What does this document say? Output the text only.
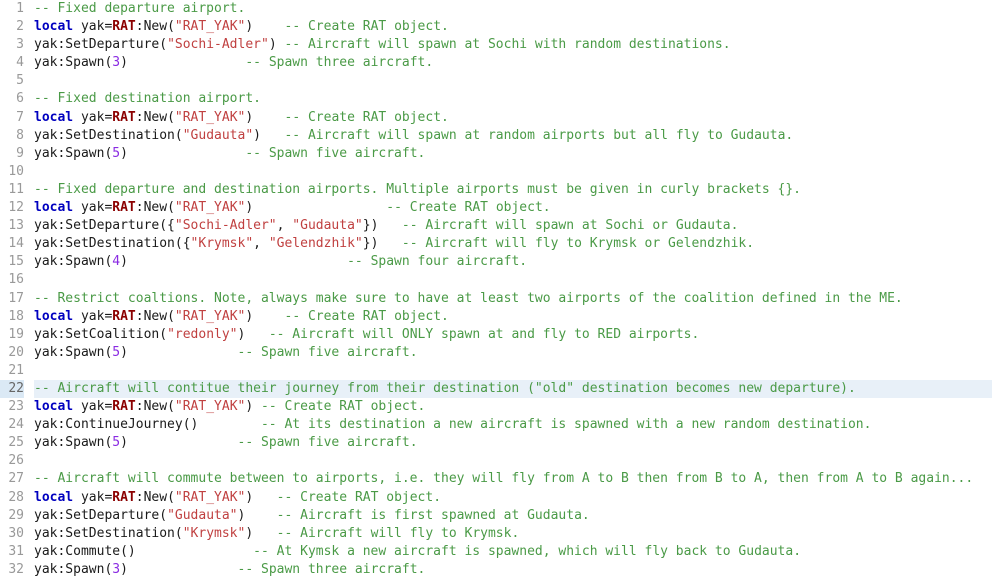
1
2
3
4
5
6
7
8
9
10
11
12
13
14
15
16
17
18
19
20
21
22
23
24
25
26
27
28
29
30
31
32
-- Fixed departure airport.
local yak=RAT:New("RAT_YAK")    -- Create RAT object.
yak:SetDeparture("Sochi-Adler") -- Aircraft will spawn at Sochi with random destinations.
yak:Spawn(3)               -- Spawn three aircraft.

-- Fixed destination airport.
local yak=RAT:New("RAT_YAK")    -- Create RAT object.
yak:SetDestination("Gudauta")   -- Aircraft will spawn at random airports but all fly to Gudauta.
yak:Spawn(5)               -- Spawn five aircraft.

-- Fixed departure and destination airports. Multiple airports must be given in curly brackets {}.
local yak=RAT:New("RAT_YAK")                 -- Create RAT object.
yak:SetDeparture({"Sochi-Adler", "Gudauta"})   -- Aircraft will spawn at Sochi or Gudauta.
yak:SetDestination({"Krymsk", "Gelendzhik"})   -- Aircraft will fly to Krymsk or Gelendzhik.
yak:Spawn(4)                            -- Spawn four aircraft.

-- Restrict coaltions. Note, always make sure to have at least two airports of the coalition defined in the ME.
local yak=RAT:New("RAT_YAK")    -- Create RAT object.
yak:SetCoalition("redonly")   -- Aircraft will ONLY spawn at and fly to RED airports.
yak:Spawn(5)              -- Spawn five aircraft.

-- Aircraft will contitue their journey from their destination ("old" destination becomes new departure).
local yak=RAT:New("RAT_YAK") -- Create RAT object.
yak:ContinueJourney()        -- At its destination a new aircraft is spawned with a new random destination.
yak:Spawn(5)              -- Spawn five aircraft.

-- Aircraft will commute between to airports, i.e. they will fly from A to B then from B to A, then from A to B again...
local yak=RAT:New("RAT_YAK")   -- Create RAT object.
yak:SetDeparture("Gudauta")    -- Aircraft is first spawned at Gudauta.
yak:SetDestination("Krymsk")   -- Aircraft will fly to Krymsk.
yak:Commute()               -- At Kymsk a new aircraft is spawned, which will fly back to Gudauta.
yak:Spawn(3)              -- Spawn three aircraft.
